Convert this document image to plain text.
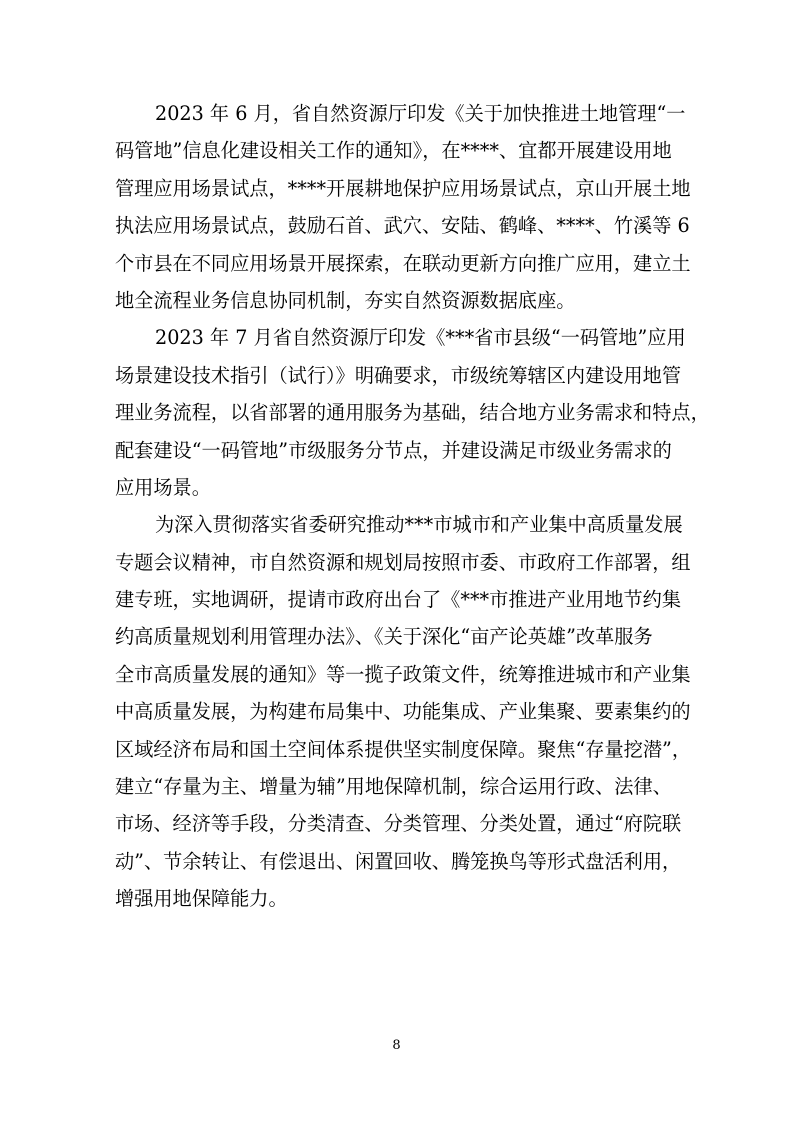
2023 年 6 月，省自然资源厅印发《关于加快推进土地管理“一
码管地”信息化建设相关工作的通知》，在****、宜都开展建设用地
管理应用场景试点，****开展耕地保护应用场景试点，京山开展土地
执法应用场景试点，鼓励石首、武穴、安陆、鹤峰、****、竹溪等 6
个市县在不同应用场景开展探索，在联动更新方向推广应用，建立土
地全流程业务信息协同机制，夯实自然资源数据底座。

2023 年 7 月省自然资源厅印发《***省市县级“一码管地”应用
场景建设技术指引（试行）》明确要求，市级统筹辖区内建设用地管
理业务流程，以省部署的通用服务为基础，结合地方业务需求和特点，
配套建设“一码管地”市级服务分节点，并建设满足市级业务需求的
应用场景。

为深入贯彻落实省委研究推动***市城市和产业集中高质量发展
专题会议精神，市自然资源和规划局按照市委、市政府工作部署，组
建专班，实地调研，提请市政府出台了《***市推进产业用地节约集
约高质量规划利用管理办法》、《关于深化“亩产论英雄”改革服务
全市高质量发展的通知》等一揽子政策文件，统筹推进城市和产业集
中高质量发展，为构建布局集中、功能集成、产业集聚、要素集约的
区域经济布局和国土空间体系提供坚实制度保障。聚焦“存量挖潜”，
建立“存量为主、增量为辅”用地保障机制，综合运用行政、法律、
市场、经济等手段，分类清查、分类管理、分类处置，通过“府院联
动”、节余转让、有偿退出、闲置回收、腾笼换鸟等形式盘活利用，
增强用地保障能力。

8
